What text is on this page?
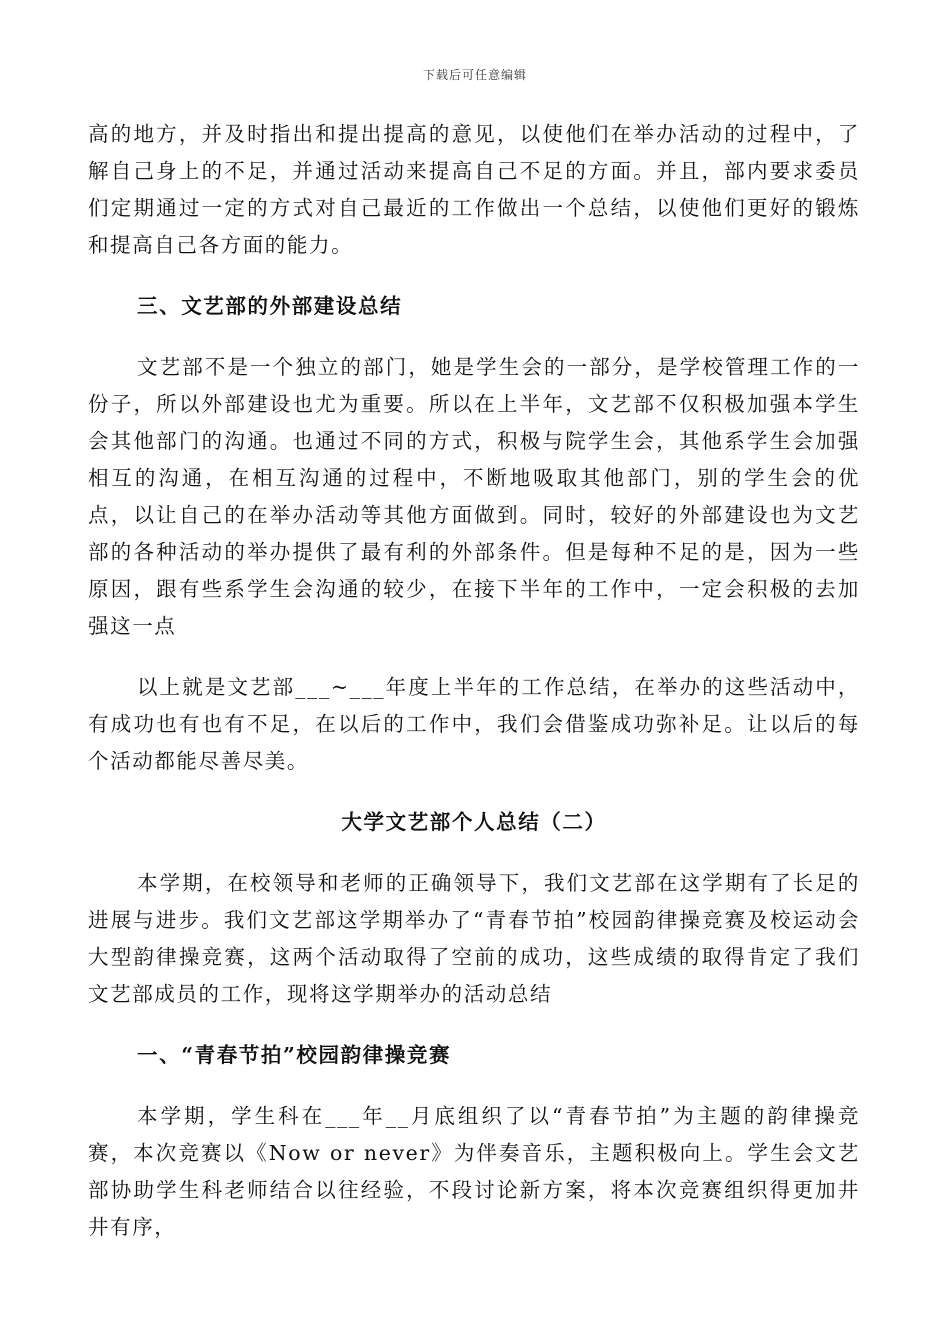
下载后可任意编辑

高的地方，并及时指出和提出提高的意见，以使他们在举办活动的过程中，了解自己身上的不足，并通过活动来提高自己不足的方面。并且，部内要求委员们定期通过一定的方式对自己最近的工作做出一个总结，以使他们更好的锻炼和提高自己各方面的能力。

三、文艺部的外部建设总结

文艺部不是一个独立的部门，她是学生会的一部分，是学校管理工作的一份子，所以外部建设也尤为重要。所以在上半年，文艺部不仅积极加强本学生会其他部门的沟通。也通过不同的方式，积极与院学生会，其他系学生会加强相互的沟通，在相互沟通的过程中，不断地吸取其他部门，别的学生会的优点，以让自己的在举办活动等其他方面做到。同时，较好的外部建设也为文艺部的各种活动的举办提供了最有利的外部条件。但是每种不足的是，因为一些原因，跟有些系学生会沟通的较少，在接下半年的工作中，一定会积极的去加强这一点

以上就是文艺部___~___年度上半年的工作总结，在举办的这些活动中，有成功也有也有不足，在以后的工作中，我们会借鉴成功弥补足。让以后的每个活动都能尽善尽美。

大学文艺部个人总结（二）

本学期，在校领导和老师的正确领导下，我们文艺部在这学期有了长足的进展与进步。我们文艺部这学期举办了“青春节拍”校园韵律操竞赛及校运动会大型韵律操竞赛，这两个活动取得了空前的成功，这些成绩的取得肯定了我们文艺部成员的工作，现将这学期举办的活动总结

一、“青春节拍”校园韵律操竞赛

本学期，学生科在___年__月底组织了以“青春节拍”为主题的韵律操竞赛，本次竞赛以《Now or never》为伴奏音乐，主题积极向上。学生会文艺部协助学生科老师结合以往经验，不段讨论新方案，将本次竞赛组织得更加井井有序，
